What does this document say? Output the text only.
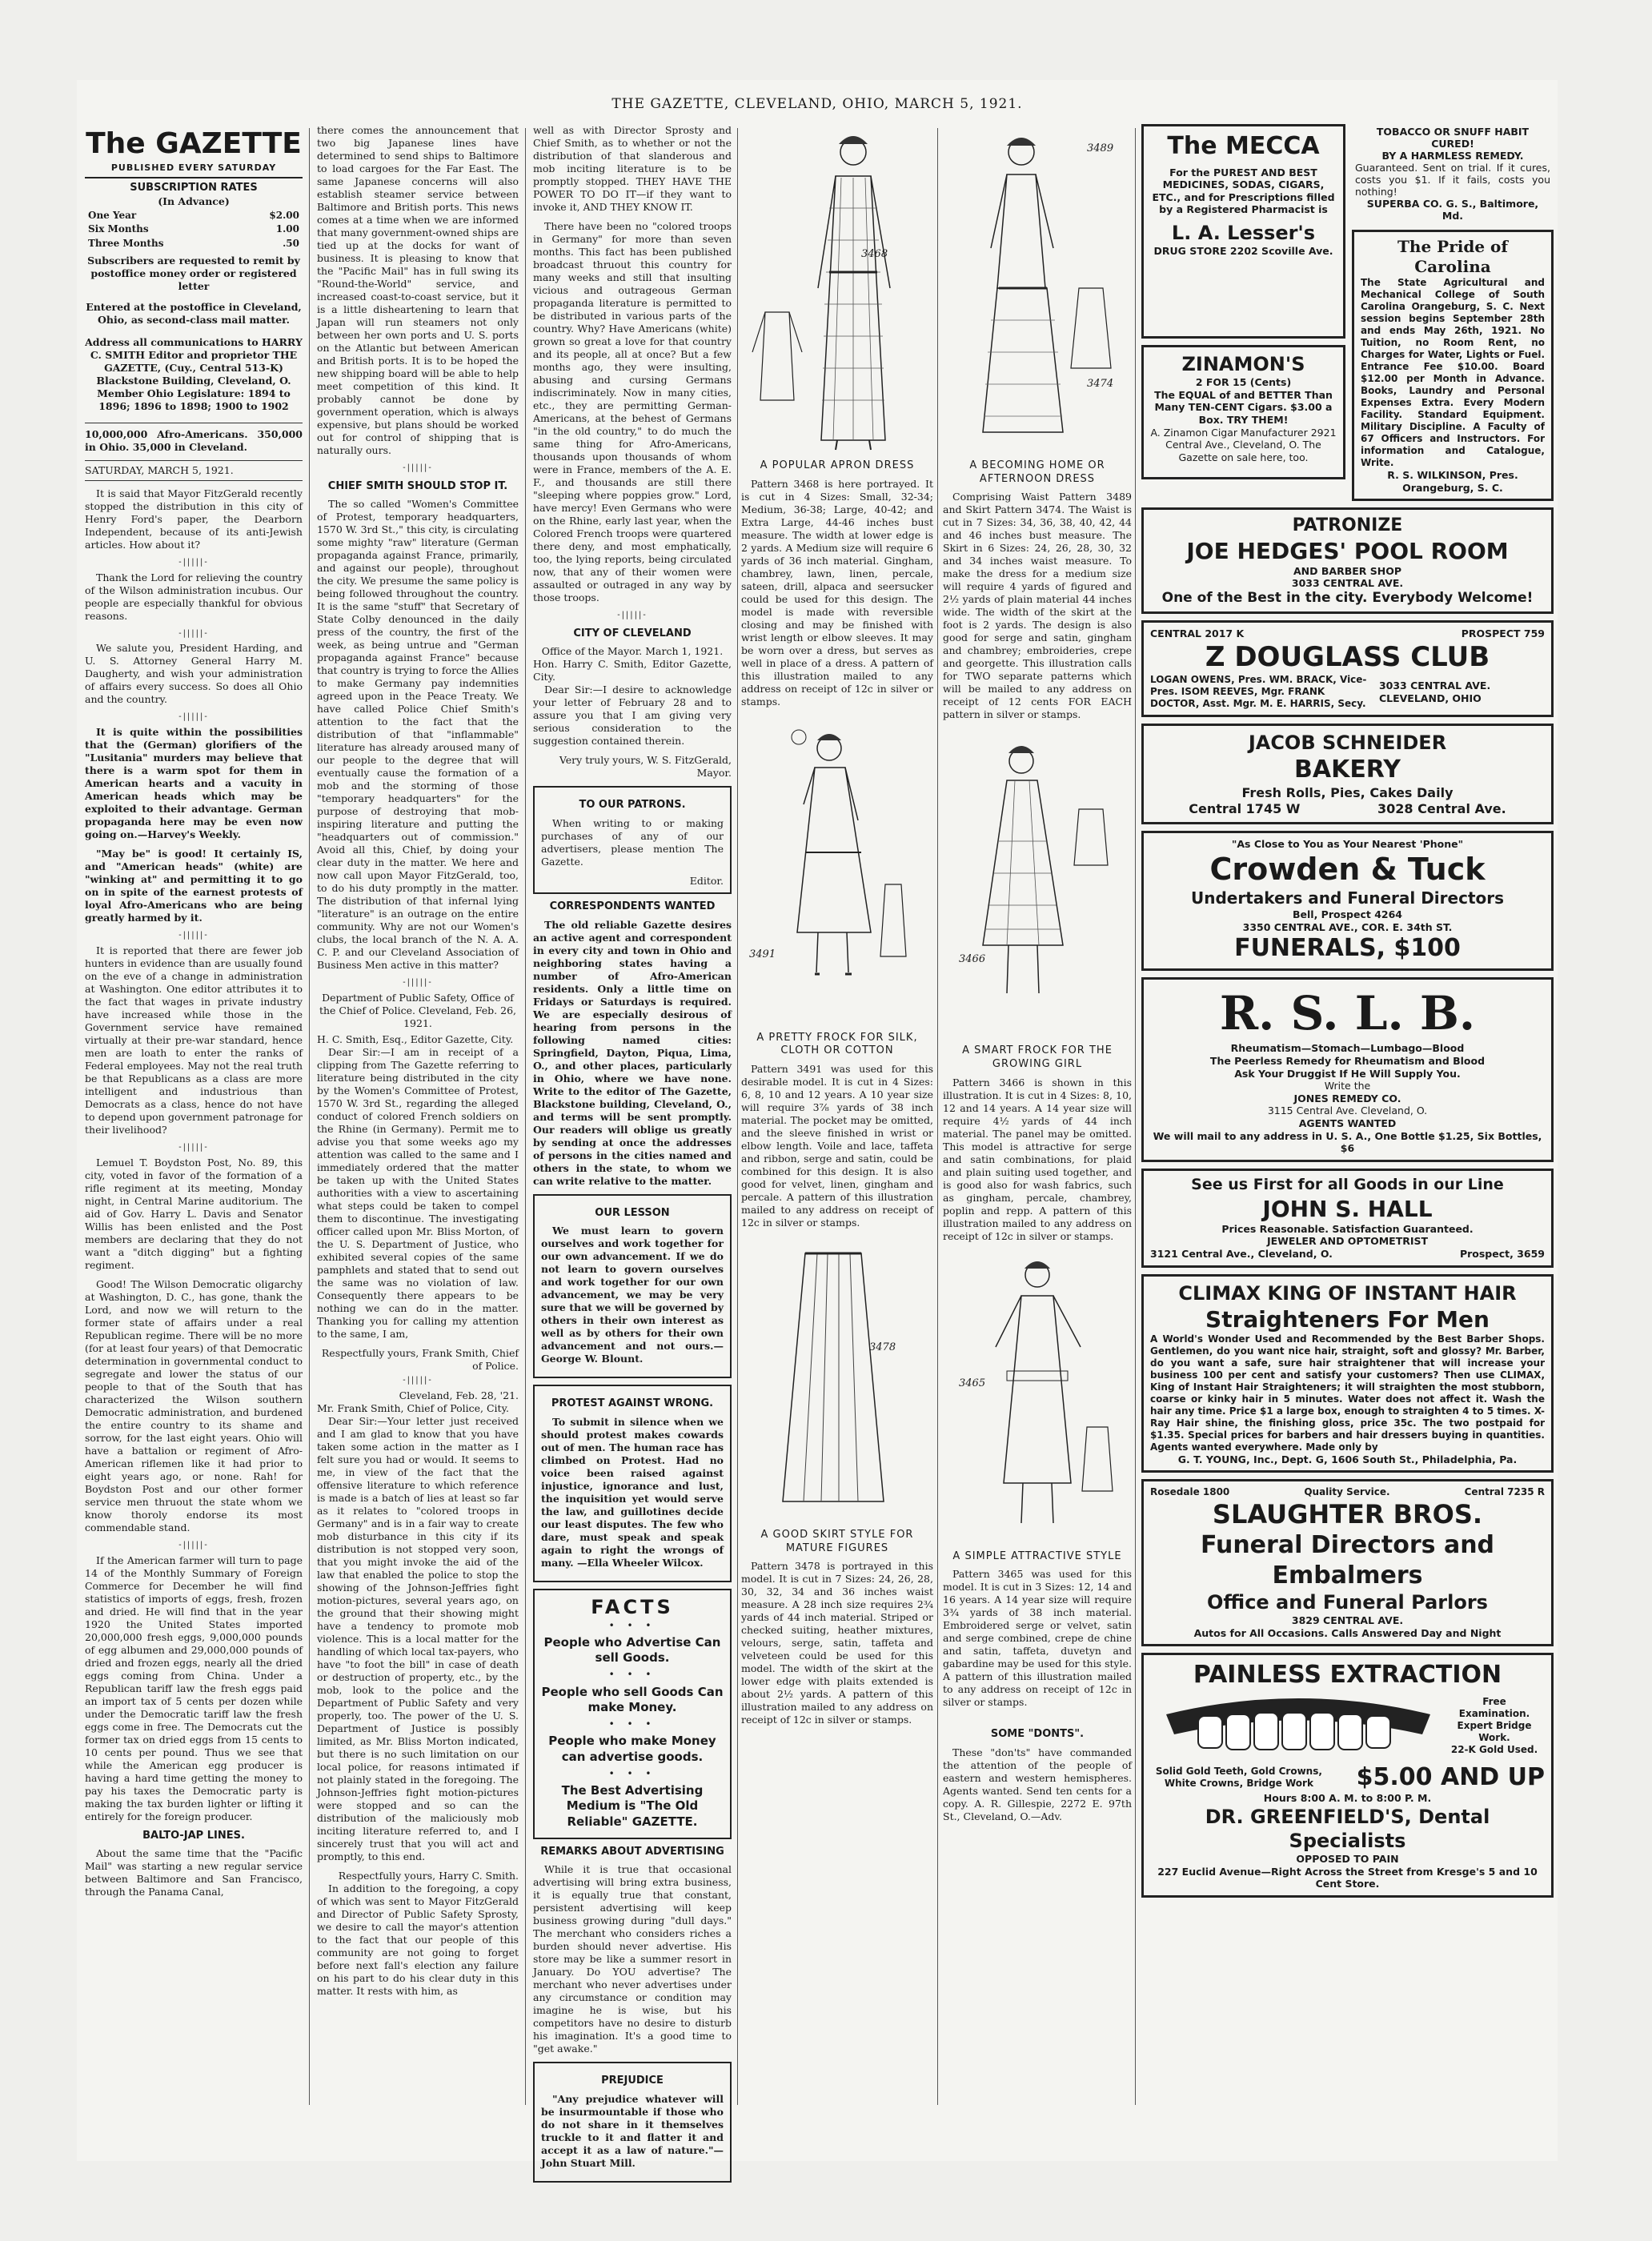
THE GAZETTE, CLEVELAND, OHIO, MARCH 5, 1921.
The GAZETTE
PUBLISHED EVERY SATURDAY
SUBSCRIPTION RATES
(In Advance)
One Year	$2.00
Six Months	1.00
Three Months	.50
Subscribers are requested to remit by postoffice money order or registered letter
Entered at the postoffice in Cleveland, Ohio, as second-class mail matter.
Address all communications to HARRY C. SMITH Editor and proprietor THE GAZETTE, (Cuy., Central 513-K) Blackstone Building, Cleveland, O. Member Ohio Legislature: 1894 to 1896; 1896 to 1898; 1900 to 1902
10,000,000 Afro-Americans. 350,000 in Ohio. 35,000 in Cleveland.
SATURDAY, MARCH 5, 1921.

It is said that Mayor FitzGerald recently stopped the distribution in this city of Henry Ford's paper, the Dearborn Independent, because of its anti-Jewish articles. How about it?

-|||||-

Thank the Lord for relieving the country of the Wilson administration incubus. Our people are especially thankful for obvious reasons.

-|||||-

We salute you, President Harding, and U. S. Attorney General Harry M. Daugherty, and wish your administration of affairs every success. So does all Ohio and the country.

-|||||-

It is quite within the possibilities that the (German) glorifiers of the "Lusitania" murders may believe that there is a warm spot for them in American hearts and a vacuity in American heads which may be exploited to their advantage. German propaganda here may be even now going on.—Harvey's Weekly.

"May be" is good! It certainly IS, and "American heads" (white) are "winking at" and permitting it to go on in spite of the earnest protests of loyal Afro-Americans who are being greatly harmed by it.

-|||||-

It is reported that there are fewer job hunters in evidence than are usually found on the eve of a change in administration at Washington. One editor attributes it to the fact that wages in private industry have increased while those in the Government service have remained virtually at their pre-war standard, hence men are loath to enter the ranks of Federal employees. May not the real truth be that Republicans as a class are more intelligent and industrious than Democrats as a class, hence do not have to depend upon government patronage for their livelihood?

-|||||-

Lemuel T. Boydston Post, No. 89, this city, voted in favor of the formation of a rifle regiment at its meeting, Monday night, in Central Marine auditorium. The aid of Gov. Harry L. Davis and Senator Willis has been enlisted and the Post members are declaring that they do not want a "ditch digging" but a fighting regiment.

Good! The Wilson Democratic oligarchy at Washington, D. C., has gone, thank the Lord, and now we will return to the former state of affairs under a real Republican regime. There will be no more (for at least four years) of that Democratic determination in governmental conduct to segregate and lower the status of our people to that of the South that has characterized the Wilson southern Democratic administration, and burdened the entire country to its shame and sorrow, for the last eight years. Ohio will have a battalion or regiment of Afro-American riflemen like it had prior to eight years ago, or none. Rah! for Boydston Post and our other former service men thruout the state whom we know thoroly endorse its most commendable stand.

-|||||-

If the American farmer will turn to page 14 of the Monthly Summary of Foreign Commerce for December he will find statistics of imports of eggs, fresh, frozen and dried. He will find that in the year 1920 the United States imported 20,000,000 fresh eggs, 9,000,000 pounds of egg albumen and 29,000,000 pounds of dried and frozen eggs, nearly all the dried eggs coming from China. Under a Republican tariff law the fresh eggs paid an import tax of 5 cents per dozen while under the Democratic tariff law the fresh eggs come in free. The Democrats cut the former tax on dried eggs from 15 cents to 10 cents per pound. Thus we see that while the American egg producer is having a hard time getting the money to pay his taxes the Democratic party is making the tax burden lighter or lifting it entirely for the foreign producer.

BALTO-JAP LINES.

About the same time that the "Pacific Mail" was starting a new regular service between Baltimore and San Francisco, through the Panama Canal,

there comes the announcement that two big Japanese lines have determined to send ships to Baltimore to load cargoes for the Far East. The same Japanese concerns will also establish steamer service between Baltimore and British ports. This news comes at a time when we are informed that many government-owned ships are tied up at the docks for want of business. It is pleasing to know that the "Pacific Mail" has in full swing its "Round-the-World" service, and increased coast-to-coast service, but it is a little disheartening to learn that Japan will run steamers not only between her own ports and U. S. ports on the Atlantic but between American and British ports. It is to be hoped the new shipping board will be able to help meet competition of this kind. It probably cannot be done by government operation, which is always expensive, but plans should be worked out for control of shipping that is naturally ours.

-|||||-
CHIEF SMITH SHOULD STOP IT.

The so called "Women's Committee of Protest, temporary headquarters, 1570 W. 3rd St.," this city, is circulating some mighty "raw" literature (German propaganda against France, primarily, and against our people), throughout the city. We presume the same policy is being followed throughout the country. It is the same "stuff" that Secretary of State Colby denounced in the daily press of the country, the first of the week, as being untrue and "German propaganda against France" because that country is trying to force the Allies to make Germany pay indemnities agreed upon in the Peace Treaty. We have called Police Chief Smith's attention to the fact that the distribution of that "inflammable" literature has already aroused many of our people to the degree that will eventually cause the formation of a mob and the storming of those "temporary headquarters" for the purpose of destroying that mob-inspiring literature and putting the "headquarters out of commission." Avoid all this, Chief, by doing your clear duty in the matter. We here and now call upon Mayor FitzGerald, too, to do his duty promptly in the matter. The distribution of that infernal lying "literature" is an outrage on the entire community. Why are not our Women's clubs, the local branch of the N. A. A. C. P. and our Cleveland Association of Business Men active in this matter?

-|||||-
Department of Public Safety, Office of the Chief of Police. Cleveland, Feb. 26, 1921.
H. C. Smith, Esq., Editor Gazette, City.

Dear Sir:—I am in receipt of a clipping from The Gazette referring to literature being distributed in the city by the Women's Committee of Protest, 1570 W. 3rd St., regarding the alleged conduct of colored French soldiers on the Rhine (in Germany). Permit me to advise you that some weeks ago my attention was called to the same and I immediately ordered that the matter be taken up with the United States authorities with a view to ascertaining what steps could be taken to compel them to discontinue. The investigating officer called upon Mr. Bliss Morton, of the U. S. Department of Justice, who exhibited several copies of the same pamphlets and stated that to send out the same was no violation of law. Consequently there appears to be nothing we can do in the matter. Thanking you for calling my attention to the same, I am,

Respectfully yours, Frank Smith, Chief of Police.
-|||||-
Cleveland, Feb. 28, '21.
Mr. Frank Smith, Chief of Police, City.

Dear Sir:—Your letter just received and I am glad to know that you have taken some action in the matter as I felt sure you had or would. It seems to me, in view of the fact that the offensive literature to which reference is made is a batch of lies at least so far as it relates to "colored troops in Germany" and is in a fair way to create mob disturbance in this city if its distribution is not stopped very soon, that you might invoke the aid of the law that enabled the police to stop the showing of the Johnson-Jeffries fight motion-pictures, several years ago, on the ground that their showing might have a tendency to promote mob violence. This is a local matter for the handling of which local tax-payers, who have "to foot the bill" in case of death or destruction of property, etc., by the mob, look to the police and the Department of Public Safety and very properly, too. The power of the U. S. Department of Justice is possibly limited, as Mr. Bliss Morton indicated, but there is no such limitation on our local police, for reasons intimated if not plainly stated in the foregoing. The Johnson-Jeffries fight motion-pictures were stopped and so can the distribution of the maliciously mob inciting literature referred to, and I sincerely trust that you will act and promptly, to this end.

Respectfully yours, Harry C. Smith.

In addition to the foregoing, a copy of which was sent to Mayor FitzGerald and Director of Public Safety Sprosty, we desire to call the mayor's attention to the fact that our people of this community are not going to forget before next fall's election any failure on his part to do his clear duty in this matter. It rests with him, as

well as with Director Sprosty and Chief Smith, as to whether or not the distribution of that slanderous and mob inciting literature is to be promptly stopped. THEY HAVE THE POWER TO DO IT—if they want to invoke it, AND THEY KNOW IT.

There have been no "colored troops in Germany" for more than seven months. This fact has been published broadcast thruout this country for many weeks and still that insulting vicious and outrageous German propaganda literature is permitted to be distributed in various parts of the country. Why? Have Americans (white) grown so great a love for that country and its people, all at once? But a few months ago, they were insulting, abusing and cursing Germans indiscriminately. Now in many cities, etc., they are permitting German-Americans, at the behest of Germans "in the old country," to do much the same thing for Afro-Americans, thousands upon thousands of whom were in France, members of the A. E. F., and thousands are still there "sleeping where poppies grow." Lord, have mercy! Even Germans who were on the Rhine, early last year, when the Colored French troops were quartered there deny, and most emphatically, too, the lying reports, being circulated now, that any of their women were assaulted or outraged in any way by those troops.

-|||||-
CITY OF CLEVELAND
Office of the Mayor. March 1, 1921.
Hon. Harry C. Smith, Editor Gazette, City.

Dear Sir:—I desire to acknowledge your letter of February 28 and to assure you that I am giving very serious consideration to the suggestion contained therein.

Very truly yours, W. S. FitzGerald, Mayor.
TO OUR PATRONS.

When writing to or making purchases of any of our advertisers, please mention The Gazette.

Editor.
CORRESPONDENTS WANTED

The old reliable Gazette desires an active agent and correspondent in every city and town in Ohio and neighboring states having a number of Afro-American residents. Only a little time on Fridays or Saturdays is required. We are especially desirous of hearing from persons in the following named cities: Springfield, Dayton, Piqua, Lima, O., and other places, particularly in Ohio, where we have none. Write to the editor of The Gazette, Blackstone building, Cleveland, O., and terms will be sent promptly. Our readers will oblige us greatly by sending at once the addresses of persons in the cities named and others in the state, to whom we can write relative to the matter.

OUR LESSON

We must learn to govern ourselves and work together for our own advancement. If we do not learn to govern ourselves and work together for our own advancement, we may be very sure that we will be governed by others in their own interest as well as by others for their own advancement and not ours.—George W. Blount.

PROTEST AGAINST WRONG.

To submit in silence when we should protest makes cowards out of men. The human race has climbed on Protest. Had no voice been raised against injustice, ignorance and lust, the inquisition yet would serve the law, and guillotines decide our least disputes. The few who dare, must speak and speak again to right the wrongs of many. —Ella Wheeler Wilcox.

FACTS
• • •
People who Advertise Can sell Goods.
• • •
People who sell Goods Can make Money.
• • •
People who make Money can advertise goods.
• • •
The Best Advertising Medium is "The Old Reliable" GAZETTE.
REMARKS ABOUT ADVERTISING

While it is true that occasional advertising will bring extra business, it is equally true that constant, persistent advertising will keep business growing during "dull days." The merchant who considers riches a burden should never advertise. His store may be like a summer resort in January. Do YOU advertise? The merchant who never advertises under any circumstance or condition may imagine he is wise, but his competitors have no desire to disturb his imagination. It's a good time to "get awake."

PREJUDICE

"Any prejudice whatever will be insurmountable if those who do not share in it themselves truckle to it and flatter it and accept it as a law of nature."—John Stuart Mill.

3468
A POPULAR APRON DRESS

Pattern 3468 is here portrayed. It is cut in 4 Sizes: Small, 32-34; Medium, 36-38; Large, 40-42; and Extra Large, 44-46 inches bust measure. The width at lower edge is 2 yards. A Medium size will require 6 yards of 36 inch material. Gingham, chambrey, lawn, linen, percale, sateen, drill, alpaca and seersucker could be used for this design. The model is made with reversible closing and may be finished with wrist length or elbow sleeves. It may be worn over a dress, but serves as well in place of a dress. A pattern of this illustration mailed to any address on receipt of 12c in silver or stamps.

3491
A PRETTY FROCK FOR SILK, CLOTH OR COTTON

Pattern 3491 was used for this desirable model. It is cut in 4 Sizes: 6, 8, 10 and 12 years. A 10 year size will require 3⅞ yards of 38 inch material. The pocket may be omitted, and the sleeve finished in wrist or elbow length. Voile and lace, taffeta and ribbon, serge and satin, could be combined for this design. It is also good for velvet, linen, gingham and percale. A pattern of this illustration mailed to any address on receipt of 12c in silver or stamps.

3478
A GOOD SKIRT STYLE FOR MATURE FIGURES

Pattern 3478 is portrayed in this model. It is cut in 7 Sizes: 24, 26, 28, 30, 32, 34 and 36 inches waist measure. A 28 inch size requires 2¾ yards of 44 inch material. Striped or checked suiting, heather mixtures, velours, serge, satin, taffeta and velveteen could be used for this model. The width of the skirt at the lower edge with plaits extended is about 2½ yards. A pattern of this illustration mailed to any address on receipt of 12c in silver or stamps.

3489
3474
A BECOMING HOME OR AFTERNOON DRESS

Comprising Waist Pattern 3489 and Skirt Pattern 3474. The Waist is cut in 7 Sizes: 34, 36, 38, 40, 42, 44 and 46 inches bust measure. The Skirt in 6 Sizes: 24, 26, 28, 30, 32 and 34 inches waist measure. To make the dress for a medium size will require 4 yards of figured and 2½ yards of plain material 44 inches wide. The width of the skirt at the foot is 2 yards. The design is also good for serge and satin, gingham and chambrey; embroideries, crepe and georgette. This illustration calls for TWO separate patterns which will be mailed to any address on receipt of 12 cents FOR EACH pattern in silver or stamps.

3466
A SMART FROCK FOR THE GROWING GIRL

Pattern 3466 is shown in this illustration. It is cut in 4 Sizes: 8, 10, 12 and 14 years. A 14 year size will require 4½ yards of 44 inch material. The panel may be omitted. This model is attractive for serge and satin combinations, for plaid and plain suiting used together, and is good also for wash fabrics, such as gingham, percale, chambrey, poplin and repp. A pattern of this illustration mailed to any address on receipt of 12c in silver or stamps.

3465
A SIMPLE ATTRACTIVE STYLE

Pattern 3465 was used for this model. It is cut in 3 Sizes: 12, 14 and 16 years. A 14 year size will require 3¾ yards of 38 inch material. Embroidered serge or velvet, satin and serge combined, crepe de chine and satin, taffeta, duvetyn and gabardine may be used for this style. A pattern of this illustration mailed to any address on receipt of 12c in silver or stamps.

SOME "DONTS".

These "don'ts" have commanded the attention of the people of eastern and western hemispheres. Agents wanted. Send ten cents for a copy. A. R. Gillespie, 2272 E. 97th St., Cleveland, O.—Adv.

The MECCA
For the PUREST AND BEST MEDICINES, SODAS, CIGARS, ETC., and for Prescriptions filled by a Registered Pharmacist is
L. A. Lesser's
DRUG STORE 2202 Scoville Ave.
ZINAMON'S
2 FOR 15 (Cents)
The EQUAL of and BETTER Than Many TEN-CENT Cigars. $3.00 a Box. TRY THEM!
A. Zinamon Cigar Manufacturer 2921 Central Ave., Cleveland, O. The Gazette on sale here, too.
TOBACCO OR SNUFF HABIT CURED!
BY A HARMLESS REMEDY.
Guaranteed. Sent on trial. If it cures, costs you $1. If it fails, costs you nothing!
SUPERBA CO. G. S., Baltimore, Md.
The Pride of Carolina
The State Agricultural and Mechanical College of South Carolina Orangeburg, S. C. Next session begins September 28th and ends May 26th, 1921. No Tuition, no Room Rent, no Charges for Water, Lights or Fuel. Entrance Fee $10.00. Board $12.00 per Month in Advance. Books, Laundry and Personal Expenses Extra. Every Modern Facility. Standard Equipment. Military Discipline. A Faculty of 67 Officers and Instructors. For information and Catalogue, Write.
R. S. WILKINSON, Pres. Orangeburg, S. C.
PATRONIZE
JOE HEDGES' POOL ROOM
AND BARBER SHOP
3033 CENTRAL AVE.
One of the Best in the city. Everybody Welcome!
CENTRAL 2017 K	PROSPECT 759
Z DOUGLASS CLUB
LOGAN OWENS, Pres. WM. BRACK, Vice-Pres. ISOM REEVES, Mgr. FRANK DOCTOR, Asst. Mgr. M. E. HARRIS, Secy.
3033 CENTRAL AVE.
CLEVELAND, OHIO
JACOB SCHNEIDER
BAKERY
Fresh Rolls, Pies, Cakes Daily
Central 1745 W	3028 Central Ave.
"As Close to You as Your Nearest 'Phone"
Crowden & Tuck
Undertakers and Funeral Directors
Bell, Prospect 4264
3350 CENTRAL AVE., COR. E. 34th ST.
FUNERALS, $100
R. S. L. B.
Rheumatism—Stomach—Lumbago—Blood
The Peerless Remedy for Rheumatism and Blood
Ask Your Druggist If He Will Supply You.
Write the
JONES REMEDY CO.
3115 Central Ave. Cleveland, O.
AGENTS WANTED
We will mail to any address in U. S. A., One Bottle $1.25, Six Bottles, $6
See us First for all Goods in our Line
JOHN S. HALL
Prices Reasonable. Satisfaction Guaranteed.
JEWELER AND OPTOMETRIST
3121 Central Ave., Cleveland, O.	Prospect, 3659
CLIMAX KING OF INSTANT HAIR
Straighteners For Men
A World's Wonder Used and Recommended by the Best Barber Shops. Gentlemen, do you want nice hair, straight, soft and glossy? Mr. Barber, do you want a safe, sure hair straightener that will increase your business 100 per cent and satisfy your customers? Then use CLIMAX, King of Instant Hair Straighteners; it will straighten the most stubborn, coarse or kinky hair in 5 minutes. Water does not affect it. Wash the hair any time. Price $1 a large box, enough to straighten 4 to 5 times. X-Ray Hair shine, the finishing gloss, price 35c. The two postpaid for $1.35. Special prices for barbers and hair dressers buying in quantities. Agents wanted everywhere. Made only by
G. T. YOUNG, Inc., Dept. G, 1606 South St., Philadelphia, Pa.
Rosedale 1800	Quality Service.	Central 7235 R
SLAUGHTER BROS.
Funeral Directors and Embalmers
Office and Funeral Parlors
3829 CENTRAL AVE.
Autos for All Occasions. Calls Answered Day and Night
PAINLESS EXTRACTION
Free Examination.
Expert Bridge Work.
22-K Gold Used.
Solid Gold Teeth, Gold Crowns, White Crowns, Bridge Work	$5.00 AND UP
Hours 8:00 A. M. to 8:00 P. M.
DR. GREENFIELD'S, Dental Specialists
OPPOSED TO PAIN
227 Euclid Avenue—Right Across the Street from Kresge's 5 and 10 Cent Store.
